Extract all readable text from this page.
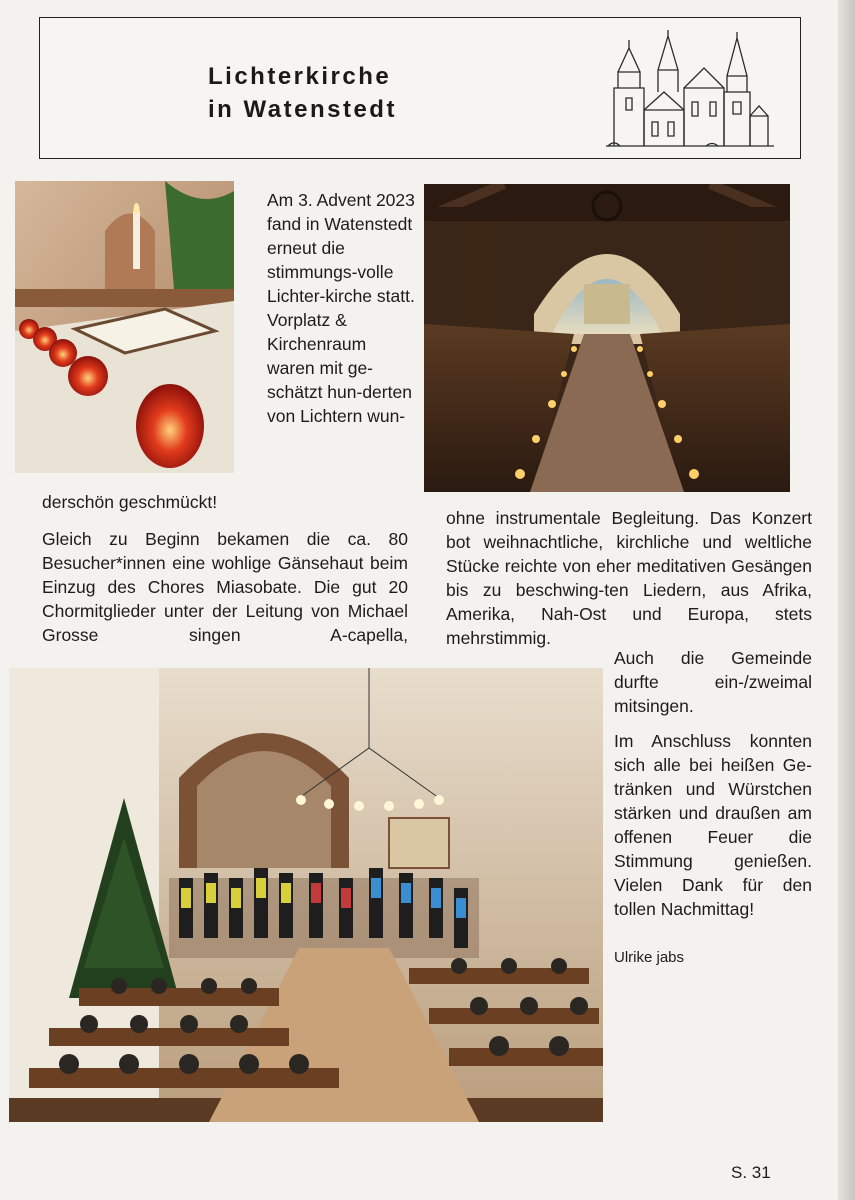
Lichterkirche
in Watenstedt

Am 3. Advent 2023 fand in Watenstedt erneut die stimmungs-volle Lichter-kirche statt. Vorplatz & Kirchenraum waren mit ge-schätzt hun-derten von Lichtern wun-

derschön geschmückt!

Gleich zu Beginn bekamen die ca. 80 Besucher*innen eine wohlige Gänsehaut beim Einzug des Chores Miasobate. Die gut 20 Chormitglieder unter der Leitung von Michael Grosse singen A-capella,

ohne instrumentale Begleitung. Das Konzert bot weihnachtliche, kirchliche und weltliche Stücke reichte von eher meditativen Gesängen bis zu beschwing-ten Liedern, aus Afrika, Amerika, Nah-Ost und Europa, stets mehrstimmig.

Auch die Gemeinde durfte ein-/zweimal mitsingen.

Im Anschluss konnten sich alle bei heißen Ge-tränken und Würstchen stärken und draußen am offenen Feuer die Stimmung genießen. Vielen Dank für den tollen Nachmittag!

Ulrike jabs

S. 31
